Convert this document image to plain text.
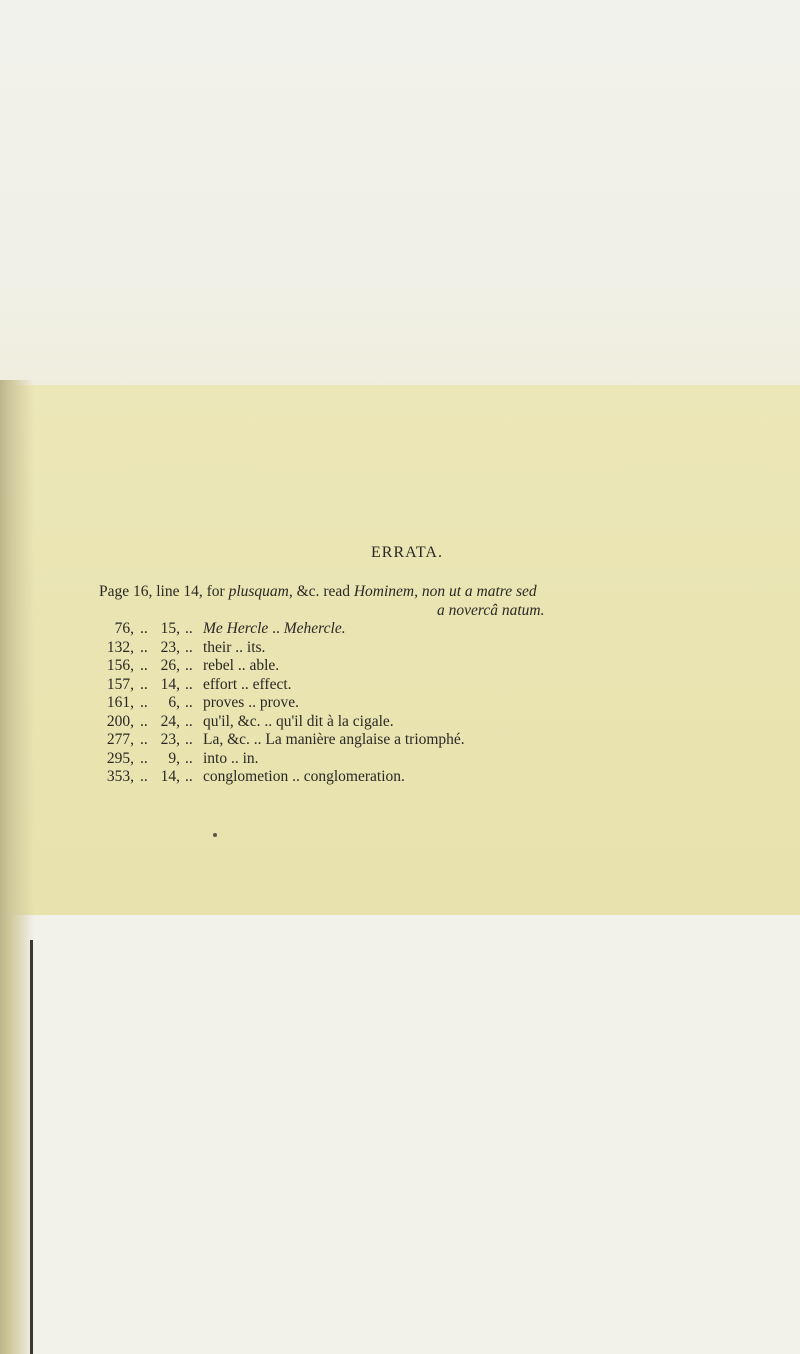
ERRATA.
Page 16, line 14, for plusquam, &c. read Hominem, non ut a matre sed
a novercâ natum.
76, .. 15, .. Me Hercle .. Mehercle.
132, .. 23, .. their .. its.
156, .. 26, .. rebel .. able.
157, .. 14, .. effort .. effect.
161, ..	6, .. proves .. prove.
200, .. 24, .. qu'il, &c. .. qu'il dit à la cigale.
277, .. 23, .. La, &c. .. La manière anglaise a triomphé.
295, ..	9, .. into .. in.
353, .. 14, .. conglometion .. conglomeration.
